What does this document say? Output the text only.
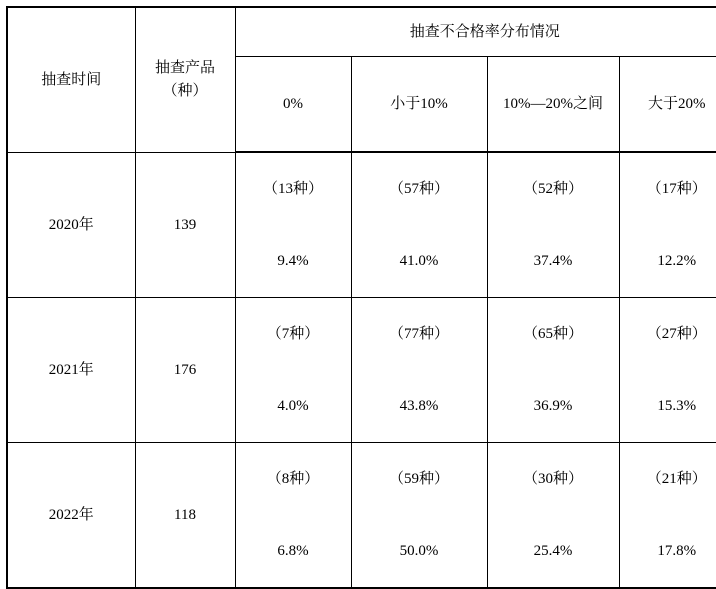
抽查时间	抽查产品（种）	抽查不合格率分布情况			
		0%	小于10%	10%—20%之间	大于20%
2020年	139	（13种）	（57种）	（52种）	（17种）
		9.4%	41.0%	37.4%	12.2%
2021年	176	（7种）	（77种）	（65种）	（27种）
		4.0%	43.8%	36.9%	15.3%
2022年	118	（8种）	（59种）	（30种）	（21种）
		6.8%	50.0%	25.4%	17.8%
